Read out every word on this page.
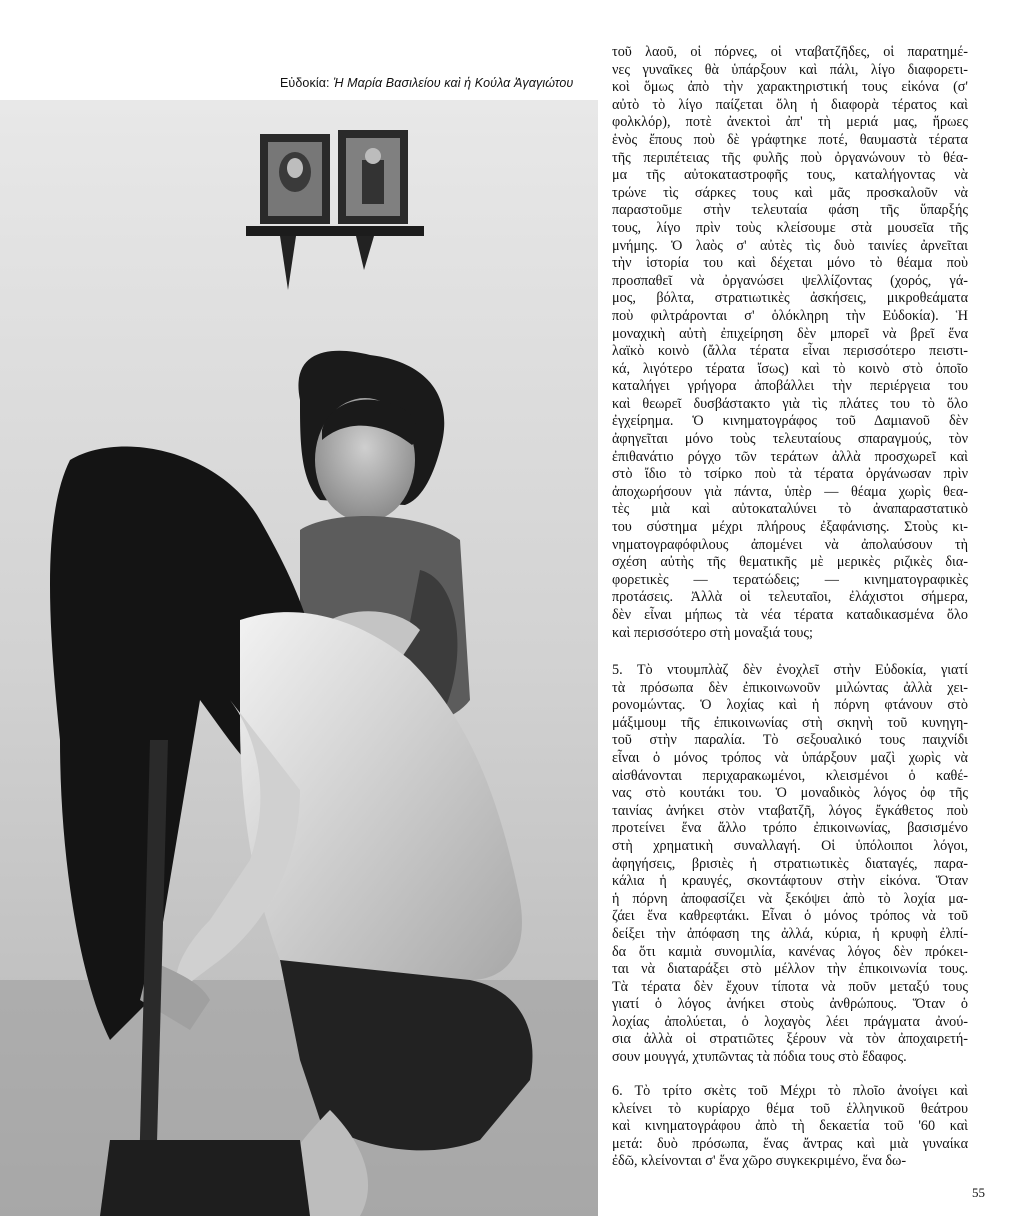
Εὐδοκία: Ἡ Μαρία Βασιλείου καὶ ἡ Κούλα Ἀγαγιώτου
τοῦ λαοῦ, οἱ πόρνες, οἱ νταβατζῆδες, οἱ παρατημέ-
νες γυναῖκες θὰ ὑπάρξουν καὶ πάλι, λίγο διαφορετι-
κοὶ ὅμως ἀπὸ τὴν χαρακτηριστική τους εἰκόνα (σ'
αὐτὸ τὸ λίγο παίζεται ὅλη ἡ διαφορὰ τέρατος καὶ
φολκλόρ), ποτὲ ἀνεκτοὶ ἀπ' τὴ μεριά μας, ἥρωες
ἑνὸς ἔπους ποὺ δὲ γράφτηκε ποτέ, θαυμαστὰ τέρατα
τῆς περιπέτειας τῆς φυλῆς ποὺ ὀργανώνουν τὸ θέα-
μα τῆς αὐτοκαταστροφῆς τους, καταλήγοντας νὰ
τρώνε τὶς σάρκες τους καὶ μᾶς προσκαλοῦν νὰ
παραστοῦμε στὴν τελευταία φάση τῆς ὕπαρξής
τους, λίγο πρὶν τοὺς κλείσουμε στὰ μουσεῖα τῆς
μνήμης. Ὁ λαὸς σ' αὐτὲς τὶς δυὸ ταινίες ἀρνεῖται
τὴν ἱστορία του καὶ δέχεται μόνο τὸ θέαμα ποὺ
προσπαθεῖ νὰ ὀργανώσει ψελλίζοντας (χορός, γά-
μος, βόλτα, στρατιωτικὲς ἀσκήσεις, μικροθεάματα
ποὺ φιλτράρονται σ' ὁλόκληρη τὴν Εὐδοκία). Ἡ
μοναχικὴ αὐτὴ ἐπιχείρηση δὲν μπορεῖ νὰ βρεῖ ἕνα
λαϊκὸ κοινὸ (ἄλλα τέρατα εἶναι περισσότερο πειστι-
κά, λιγότερο τέρατα ἴσως) καὶ τὸ κοινὸ στὸ ὁποῖο
καταλήγει γρήγορα ἀποβάλλει τὴν περιέργεια του
καὶ θεωρεῖ δυσβάστακτο γιὰ τὶς πλάτες του τὸ ὅλο
ἐγχείρημα. Ὁ κινηματογράφος τοῦ Δαμιανοῦ δὲν
ἀφηγεῖται μόνο τοὺς τελευταίους σπαραγμούς, τὸν
ἐπιθανάτιο ρόγχο τῶν τεράτων ἀλλὰ προσχωρεῖ καὶ
στὸ ἴδιο τὸ τσίρκο ποὺ τὰ τέρατα ὀργάνωσαν πρὶν
ἀποχωρήσουν γιὰ πάντα, ὑπὲρ — θέαμα χωρὶς θεα-
τὲς μιὰ καὶ αὐτοκαταλύνει τὸ ἀναπαραστατικὸ
του σύστημα μέχρι πλήρους ἐξαφάνισης. Στοὺς κι-
νηματογραφόφιλους ἀπομένει νὰ ἀπολαύσουν τὴ
σχέση αὐτὴς τῆς θεματικῆς μὲ μερικὲς ριζικὲς δια-
φορετικὲς — τερατώδεις; — κινηματογραφικὲς
προτάσεις. Ἀλλὰ οἱ τελευταῖοι, ἐλάχιστοι σήμερα,
δὲν εἶναι μήπως τὰ νέα τέρατα καταδικασμένα ὅλο
καὶ περισσότερο στὴ μοναξιά τους;
5. Τὸ ντουμπλὰζ δὲν ἐνοχλεῖ στὴν Εὐδοκία, γιατί
τὰ πρόσωπα δὲν ἐπικοινωνοῦν μιλώντας ἀλλὰ χει-
ρονομώντας. Ὁ λοχίας καὶ ἡ πόρνη φτάνουν στὸ
μάξιμουμ τῆς ἐπικοινωνίας στὴ σκηνὴ τοῦ κυνηγη-
τοῦ στὴν παραλία. Τὸ σεξουαλικό τους παιχνίδι
εἶναι ὁ μόνος τρόπος νὰ ὑπάρξουν μαζὶ χωρὶς νὰ
αἰσθάνονται περιχαρακωμένοι, κλεισμένοι ὁ καθέ-
νας στὸ κουτάκι του. Ὁ μοναδικὸς λόγος ὀφ τῆς
ταινίας ἀνήκει στὸν νταβατζῆ, λόγος ἔγκάθετος ποὺ
προτείνει ἕνα ἄλλο τρόπο ἐπικοινωνίας, βασισμένο
στὴ χρηματικὴ συναλλαγή. Οἱ ὑπόλοιποι λόγοι,
ἀφηγήσεις, βρισιὲς ἡ στρατιωτικὲς διαταγές, παρα-
κάλια ἡ κραυγές, σκοντάφτουν στὴν εἰκόνα. Ὅταν
ἡ πόρνη ἀποφασίζει νὰ ξεκόψει ἀπὸ τὸ λοχία μα-
ζάει ἕνα καθρεφτάκι. Εἶναι ὁ μόνος τρόπος νὰ τοῦ
δείξει τὴν ἀπόφαση της ἀλλά, κύρια, ἡ κρυφὴ ἐλπί-
δα ὅτι καμιὰ συνομιλία, κανένας λόγος δὲν πρόκει-
ται νὰ διαταράξει στὸ μέλλον τὴν ἐπικοινωνία τους.
Τὰ τέρατα δὲν ἔχουν τίποτα νὰ ποῦν μεταξύ τους
γιατί ὁ λόγος ἀνήκει στοὺς ἀνθρώπους. Ὅταν ὁ
λοχίας ἀπολύεται, ὁ λοχαγὸς λέει πράγματα ἀνού-
σια ἀλλὰ οἱ στρατιῶτες ξέρουν νὰ τὸν ἀποχαιρετή-
σουν μουγγά, χτυπῶντας τὰ πόδια τους στὸ ἔδαφος.
6. Τὸ τρίτο σκὲτς τοῦ Μέχρι τὸ πλοῖο ἀνοίγει καὶ
κλείνει τὸ κυρίαρχο θέμα τοῦ ἑλληνικοῦ θεάτρου
καὶ κινηματογράφου ἀπὸ τὴ δεκαετία τοῦ '60 καὶ
μετά: δυὸ πρόσωπα, ἕνας ἄντρας καὶ μιὰ γυναίκα
ἐδῶ, κλείνονται σ' ἕνα χῶρο συγκεκριμένο, ἕνα δω-
55
